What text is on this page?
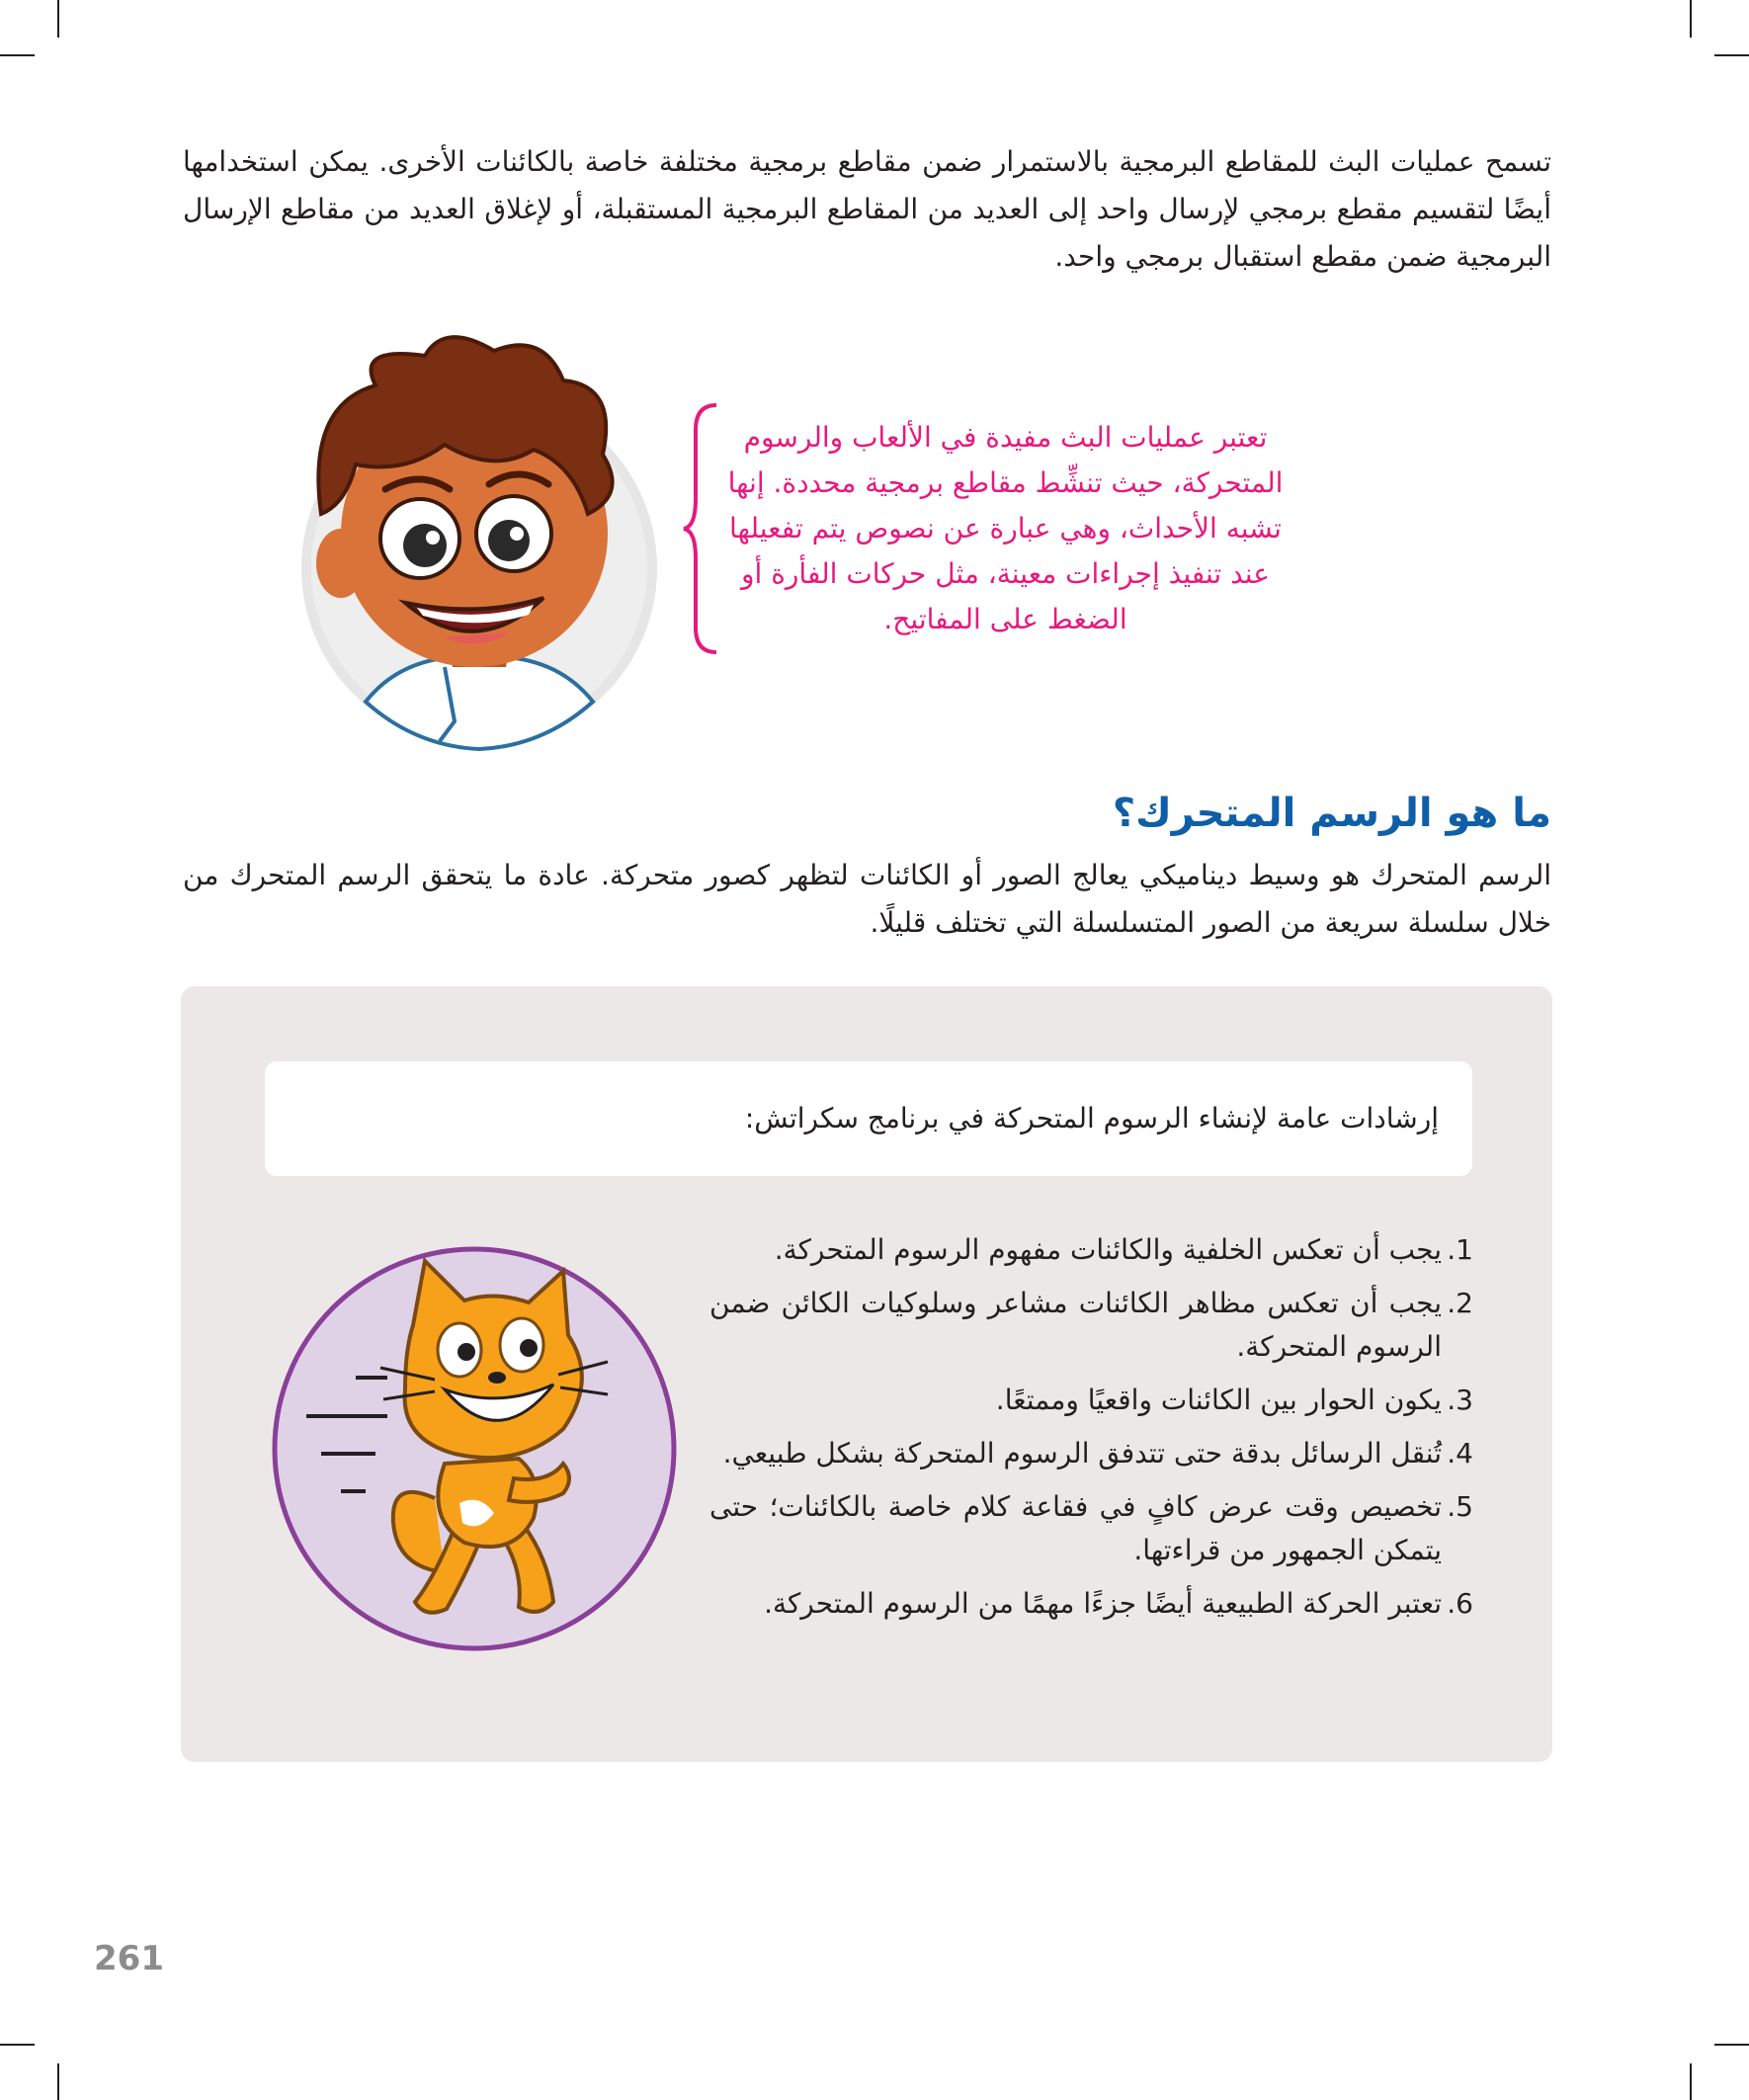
تسمح عمليات البث للمقاطع البرمجية بالاستمرار ضمن مقاطع برمجية مختلفة خاصة بالكائنات الأخرى. يمكن استخدامها أيضًا لتقسيم مقطع برمجي لإرسال واحد إلى العديد من المقاطع البرمجية المستقبلة، أو لإغلاق العديد من مقاطع الإرسال البرمجية ضمن مقطع استقبال برمجي واحد.

تعتبر عمليات البث مفيدة في الألعاب والرسوم المتحركة، حيث تنشِّط مقاطع برمجية محددة. إنها تشبه الأحداث، وهي عبارة عن نصوص يتم تفعيلها عند تنفيذ إجراءات معينة، مثل حركات الفأرة أو الضغط على المفاتيح.

ما هو الرسم المتحرك؟

الرسم المتحرك هو وسيط ديناميكي يعالج الصور أو الكائنات لتظهر كصور متحركة. عادة ما يتحقق الرسم المتحرك من خلال سلسلة سريعة من الصور المتسلسلة التي تختلف قليلًا.

إرشادات عامة لإنشاء الرسوم المتحركة في برنامج سكراتش:
1.
يجب أن تعكس الخلفية والكائنات مفهوم الرسوم المتحركة.
2.
يجب أن تعكس مظاهر الكائنات مشاعر وسلوكيات الكائن ضمن الرسوم المتحركة.
3.
يكون الحوار بين الكائنات واقعيًا وممتعًا.
4.
تُنقل الرسائل بدقة حتى تتدفق الرسوم المتحركة بشكل طبيعي.
5.
تخصيص وقت عرض كافٍ في فقاعة كلام خاصة بالكائنات؛ حتى يتمكن الجمهور من قراءتها.
6.
تعتبر الحركة الطبيعية أيضًا جزءًا مهمًا من الرسوم المتحركة.
261
